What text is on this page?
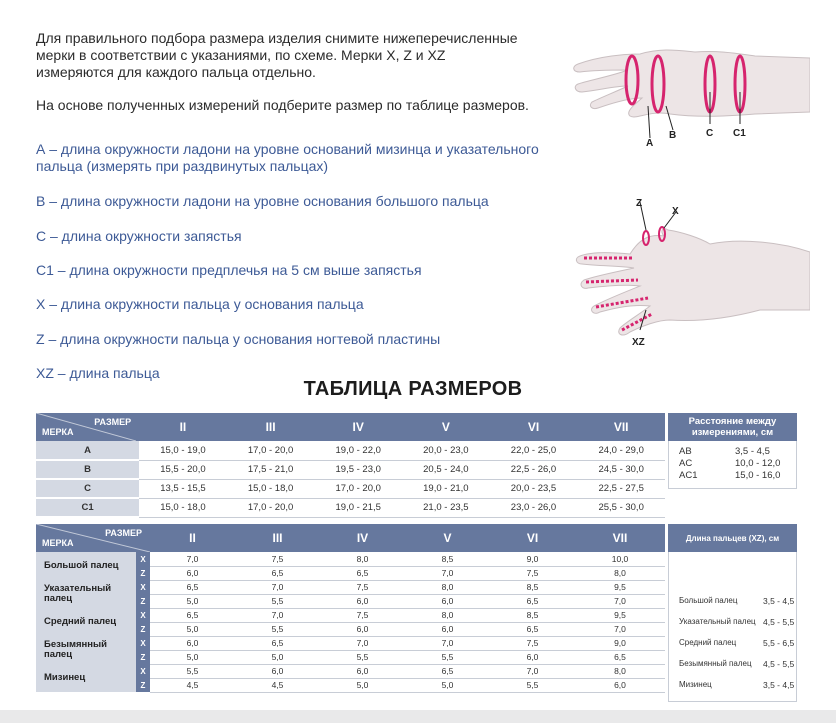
Для правильного подбора размера изделия снимите нижеперечисленные
мерки в соответствии с указаниями, по схеме. Мерки X, Z и XZ
измеряются для каждого пальца отдельно.

На основе полученных измерений подберите размер по таблице размеров.

А – длина окружности ладони на уровне оснований мизинца и указательного
пальца (измерять при раздвинутых пальцах)
В – длина окружности ладони на уровне основания большого пальца
С – длина окружности запястья
С1 – длина окружности предплечья на 5 см выше запястья
Х – длина окружности пальца у основания пальца
Z – длина окружности пальца у основания ногтевой пластины
XZ – длина пальца
A
B	C C1
Z
X
XZ
ТАБЛИЦА РАЗМЕРОВ
РАЗМЕР
МЕРКА	II	III	IV	V	VI	VII
A	15,0 - 19,0	17,0 - 20,0	19,0 - 22,0	20,0 - 23,0	22,0 - 25,0	24,0 - 29,0
B	15,5 - 20,0	17,5 - 21,0	19,5 - 23,0	20,5 - 24,0	22,5 - 26,0	24,5 - 30,0
C	13,5 - 15,5	15,0 - 18,0	17,0 - 20,0	19,0 - 21,0	20,0 - 23,5	22,5 - 27,5
C1	15,0 - 18,0	17,0 - 20,0	19,0 - 21,5	21,0 - 23,5	23,0 - 26,0	25,5 - 30,0
Расстояние между измерениями, см
AB	3,5 - 4,5
AC	10,0 - 12,0
AC1	15,0 - 16,0
РАЗМЕР
МЕРКА		II	III	IV	V	VI	VII
Большой палец	X	7,0	7,5	8,0	8,5	9,0	10,0
	Z	6,0	6,5	6,5	7,0	7,5	8,0
Указательный палец	X	6,5	7,0	7,5	8,0	8,5	9,5
	Z	5,0	5,5	6,0	6,0	6,5	7,0
Средний палец	X	6,5	7,0	7,5	8,0	8,5	9,5
	Z	5,0	5,5	6,0	6,0	6,5	7,0
Безымянный палец	X	6,0	6,5	7,0	7,0	7,5	9,0
	Z	5,0	5,0	5,5	5,5	6,0	6,5
Мизинец	X	5,5	6,0	6,0	6,5	7,0	8,0
	Z	4,5	4,5	5,0	5,0	5,5	6,0
Длина пальцев (XZ), см
Большой палец	3,5 - 4,5
Указательный палец 4,5 - 5,5
Средний палец	5,5 - 6,5
Безымянный палец	4,5 - 5,5
Мизинец	3,5 - 4,5
